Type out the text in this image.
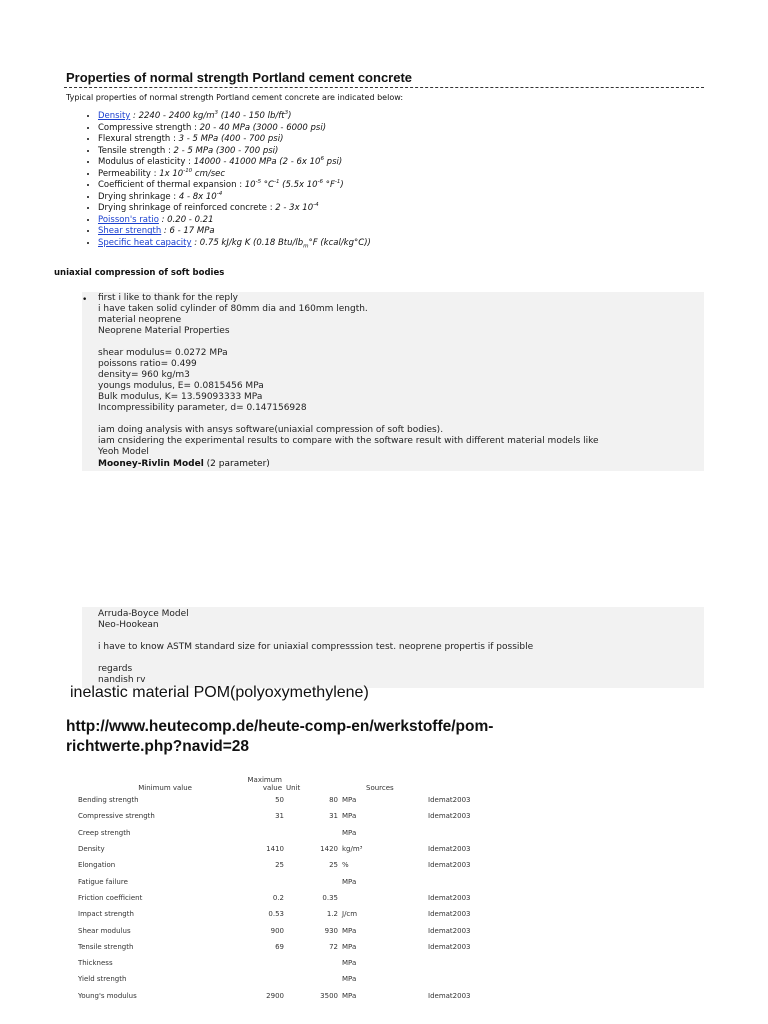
Properties of normal strength Portland cement concrete
Typical properties of normal strength Portland cement concrete are indicated below:
• Density : 2240 - 2400 $kg/m^3$ (140 - 150 $lb/ft^3$)
• Compressive strength : 20 - 40 MPa (3000 - 6000 psi)
• Flexural strength : 3 - 5 MPa (400 - 700 psi)
• Tensile strength : 2 - 5 MPa (300 - 700 psi)
• Modulus of elasticity : 14000 - 41000 MPa (2 - 6x $10^6$ psi)
• Permeability : 1x $10^{-10}$ cm/sec
• Coefficient of thermal expansion : $10^{-5}$ $^\circ C^{-1}$ (5.5x $10^{-6}$ $^\circ F^{-1}$)
• Drying shrinkage : 4 - 8x $10^{-4}$
• Drying shrinkage of reinforced concrete : 2 - 3x $10^{-4}$
• Poisson's ratio : 0.20 - 0.21
• Shear strength : 6 - 17 MPa
• Specific heat capacity : 0.75 kJ/kg K (0.18 Btu/$lb_m^\circ F$ (kcal/kg°C))
uniaxial compression of soft bodies
• first i like to thank for the reply
i have taken solid cylinder of 80mm dia and 160mm length.
material neoprene
Neoprene Material Properties

shear modulus= 0.0272 MPa
poissons ratio= 0.499
density= 960 kg/m3
youngs modulus, E= 0.0815456 MPa
Bulk modulus, K= 13.59093333 MPa
Incompressibility parameter, d= 0.147156928

iam doing analysis with ansys software(uniaxial compression of soft bodies).
iam cnsidering the experimental results to compare with the software result with different material models like
Yeoh Model
Mooney-Rivlin Model (2 parameter)
Arruda-Boyce Model
Neo-Hookean

i have to know ASTM standard size for uniaxial compresssion test. neoprene propertis if possible

regards
nandish rv
inelastic material POM(polyoxymethylene)
http://www.heutecomp.de/heute-comp-en/werkstoffe/pom-richtwerte.php?navid=28
Minimum value	Maximum
value	Unit	Sources	
Bending strength	50	80	MPa	Idemat2003
Compressive strength	31	31	MPa	Idemat2003
Creep strength			MPa	
Density	1410	1420	kg/m³	Idemat2003
Elongation	25	25	%	Idemat2003
Fatigue failure			MPa	
Friction coefficient	0.2	0.35		Idemat2003
Impact strength	0.53	1.2	J/cm	Idemat2003
Shear modulus	900	930	MPa	Idemat2003
Tensile strength	69	72	MPa	Idemat2003
Thickness			MPa	
Yield strength			MPa	
Young's modulus	2900	3500	MPa	Idemat2003
